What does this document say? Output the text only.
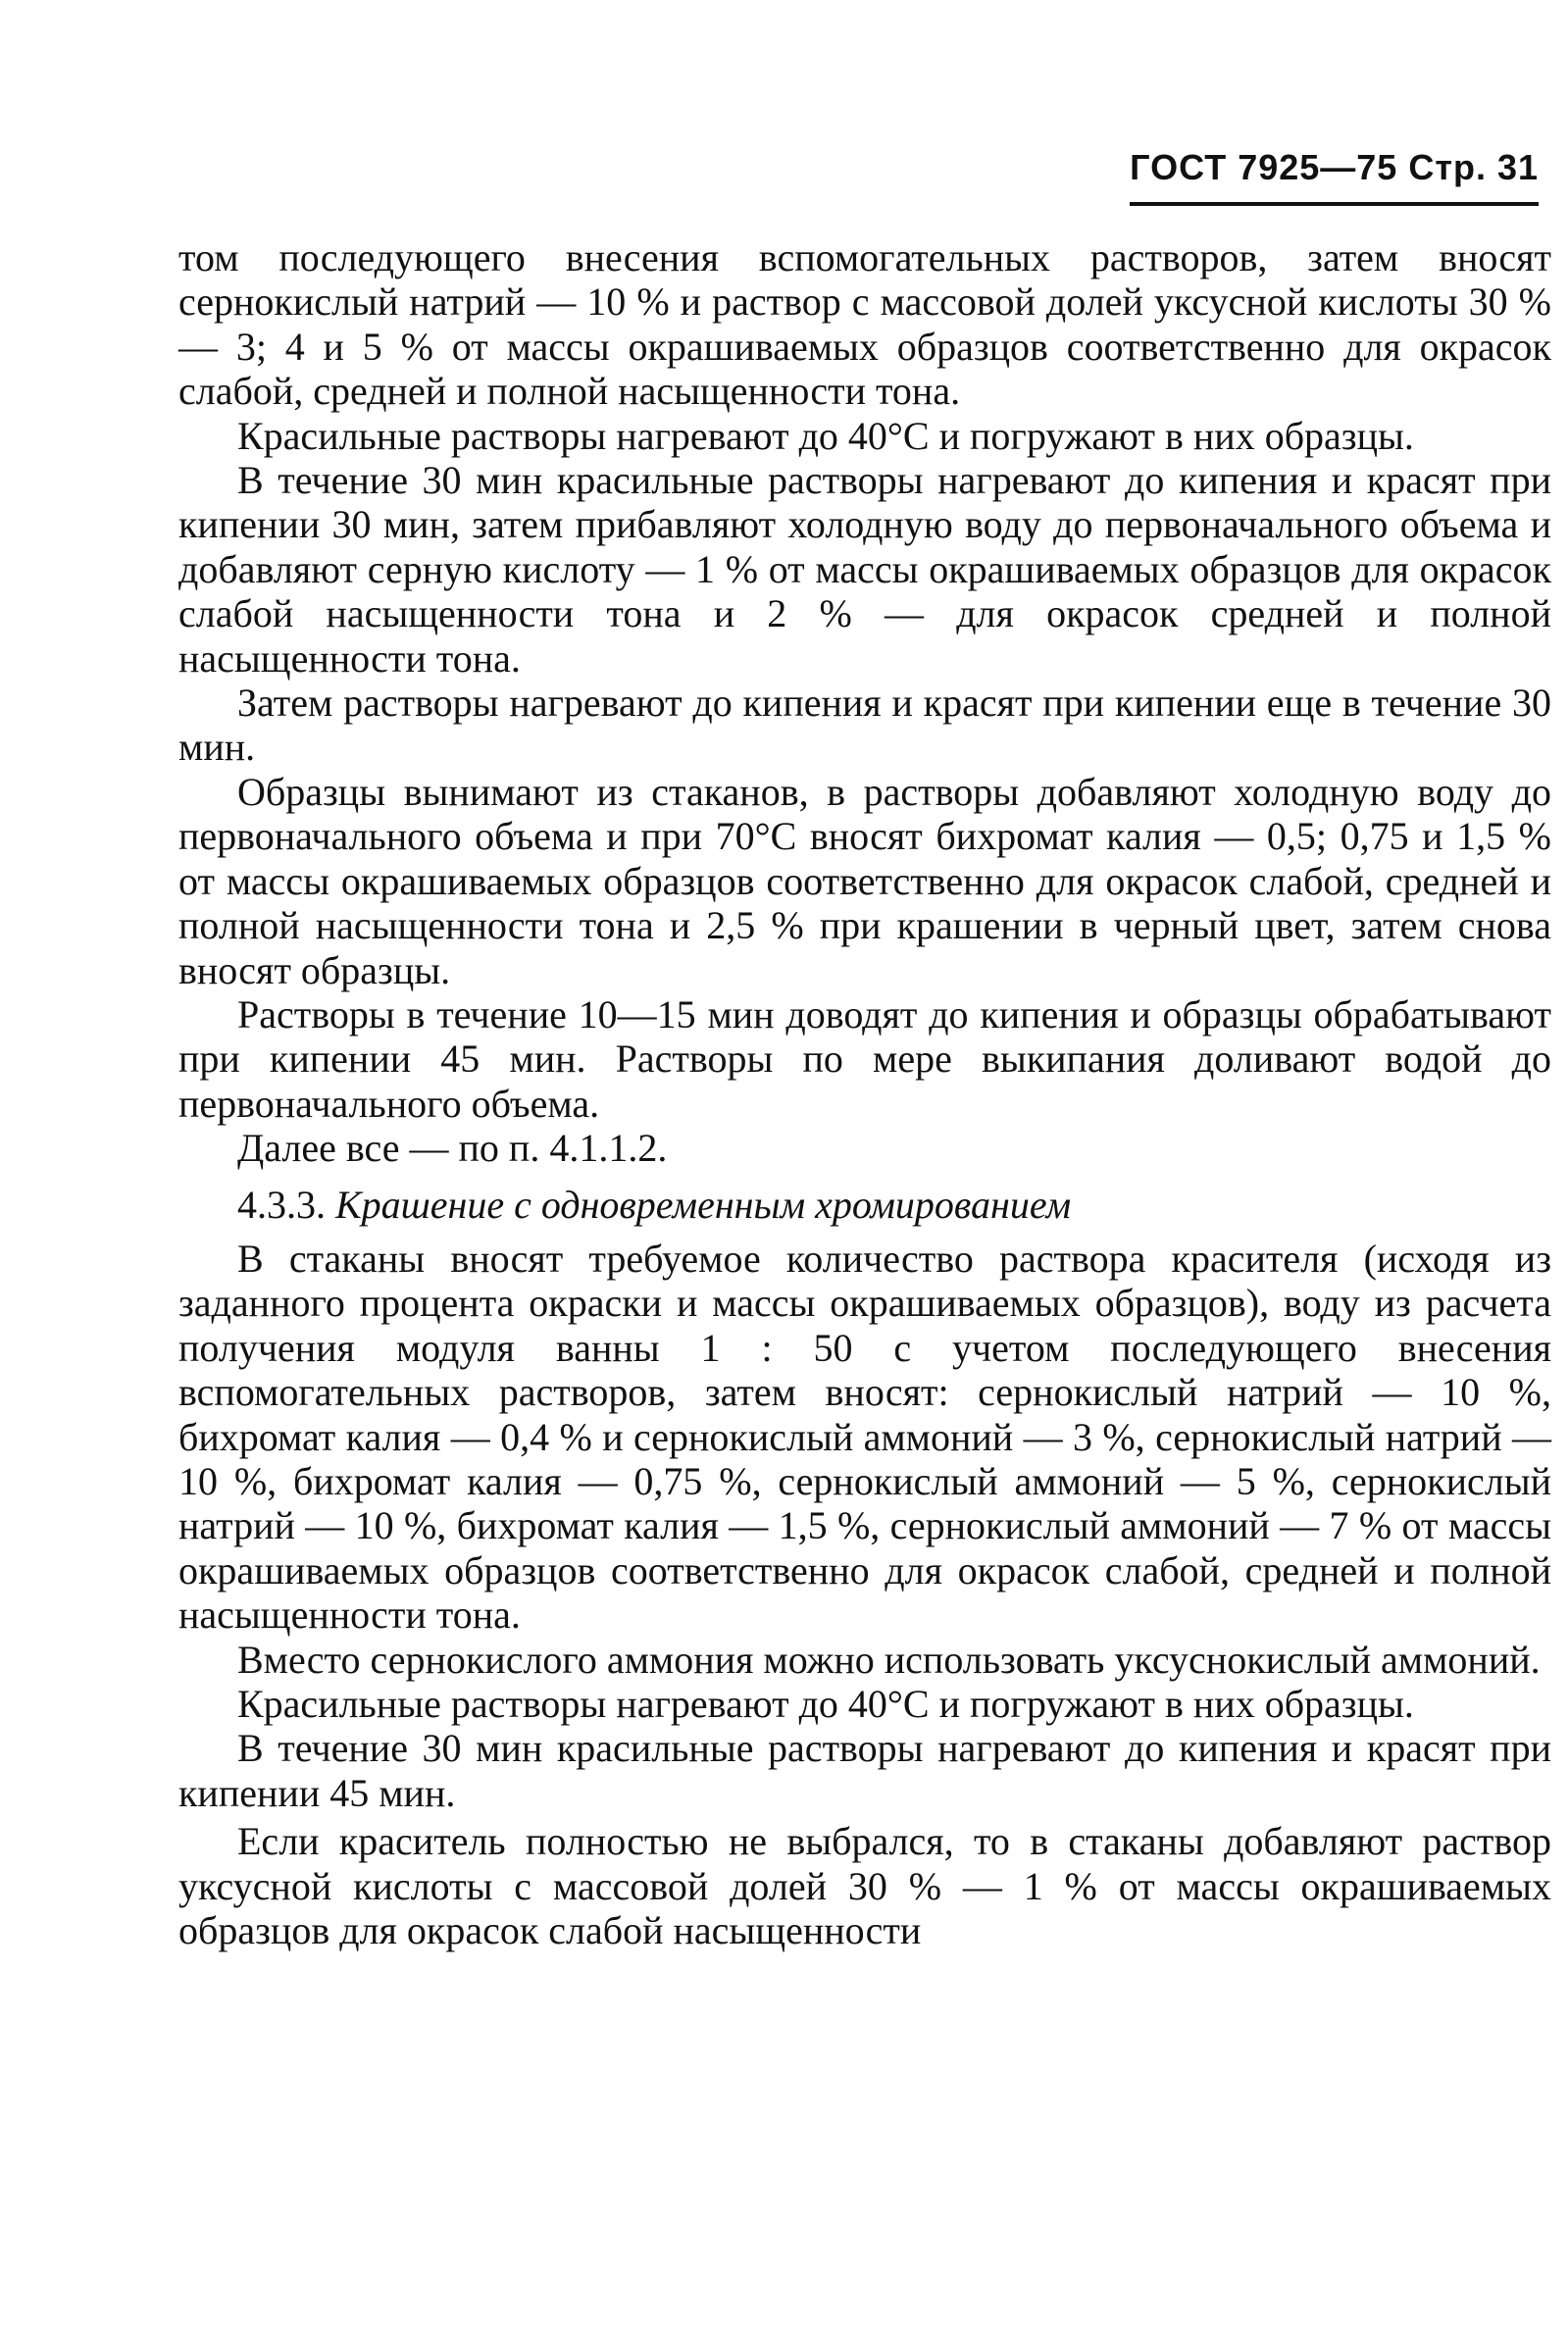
ГОСТ 7925—75 Стр. 31

том последующего внесения вспомогательных растворов, затем вносят сернокислый натрий — 10 % и раствор с массовой долей уксусной кислоты 30 % — 3; 4 и 5 % от массы окрашиваемых образцов соответственно для окрасок слабой, средней и полной насыщенности тона.

Красильные растворы нагревают до 40°С и погружают в них образцы.

В течение 30 мин красильные растворы нагревают до кипения и красят при кипении 30 мин, затем прибавляют холодную воду до первоначального объема и добавляют серную кислоту — 1 % от массы окрашиваемых образцов для окрасок слабой насыщенности тона и 2 % — для окрасок средней и полной насыщенности тона.

Затем растворы нагревают до кипения и красят при кипении еще в течение 30 мин.

Образцы вынимают из стаканов, в растворы добавляют холодную воду до первоначального объема и при 70°С вносят бихромат калия — 0,5; 0,75 и 1,5 % от массы окрашиваемых образцов соответственно для окрасок слабой, средней и полной насыщенности тона и 2,5 % при крашении в черный цвет, затем снова вносят образцы.

Растворы в течение 10—15 мин доводят до кипения и образцы обрабатывают при кипении 45 мин. Растворы по мере выкипания доливают водой до первоначального объема.

Далее все — по п. 4.1.1.2.

4.3.3. Крашение с одновременным хромированием

В стаканы вносят требуемое количество раствора красителя (исходя из заданного процента окраски и массы окрашиваемых образцов), воду из расчета получения модуля ванны 1 : 50 с учетом последующего внесения вспомогательных растворов, затем вносят: сернокислый натрий — 10 %, бихромат калия — 0,4 % и сернокислый аммоний — 3 %, сернокислый натрий — 10 %, бихромат калия — 0,75 %, сернокислый аммоний — 5 %, сернокислый натрий — 10 %, бихромат калия — 1,5 %, сернокислый аммоний — 7 % от массы окрашиваемых образцов соответственно для окрасок слабой, средней и полной насыщенности тона.

Вместо сернокислого аммония можно использовать уксуснокислый аммоний.

Красильные растворы нагревают до 40°С и погружают в них образцы.

В течение 30 мин красильные растворы нагревают до кипения и красят при кипении 45 мин.

Если краситель полностью не выбрался, то в стаканы добавляют раствор уксусной кислоты с массовой долей 30 % — 1 % от массы окрашиваемых образцов для окрасок слабой насыщенности
